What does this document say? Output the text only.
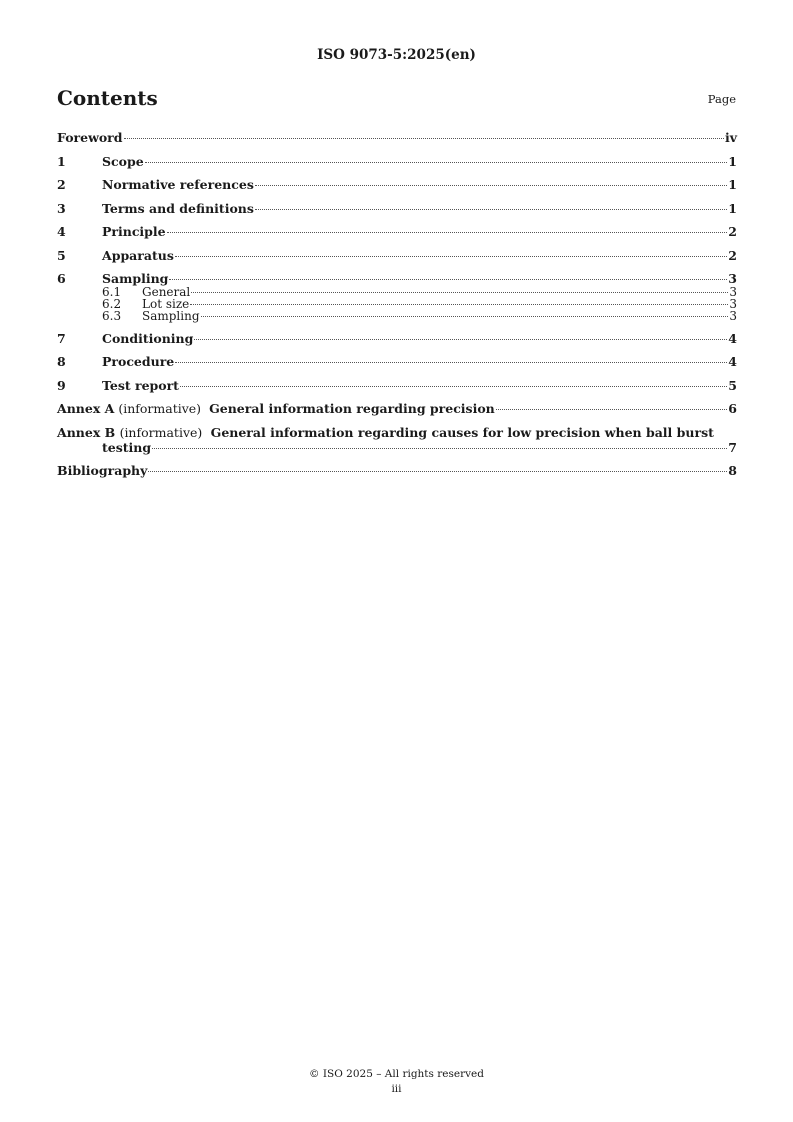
ISO 9073-5:2025(en)
Contents	Page
Foreword	iv
1	Scope	1
2	Normative references	1
3	Terms and definitions	1
4	Principle	2
5	Apparatus	2
6	Sampling	3
6.1	General	3
6.2	Lot size	3
6.3	Sampling	3
7	Conditioning	4
8	Procedure	4
9	Test report	5
Annex A (informative) General information regarding precision	6
Annex B (informative) General information regarding causes for low precision when ball burst
testing	7
Bibliography	8
© ISO 2025 – All rights reserved
iii
